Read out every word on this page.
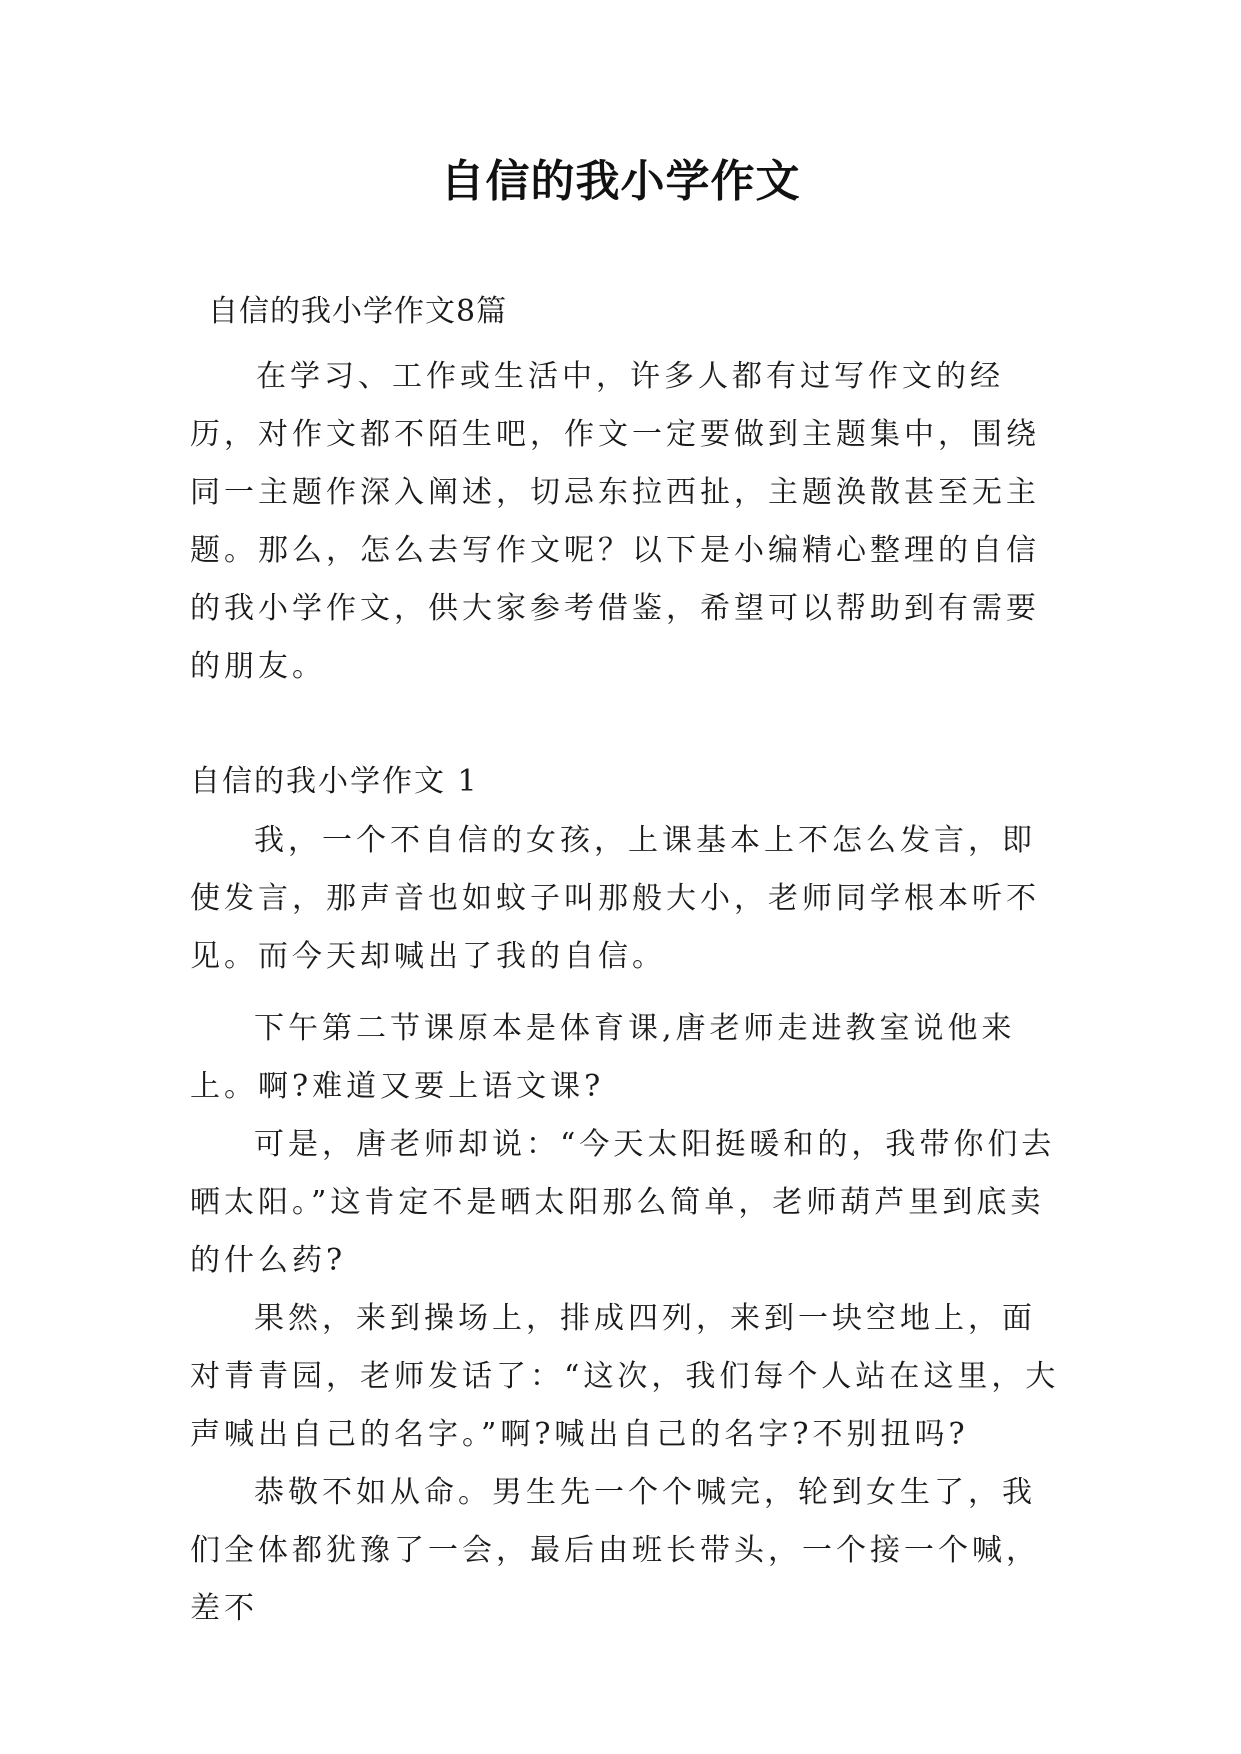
自信的我小学作文
自信的我小学作文8篇

在学习、工作或生活中，许多人都有过写作文的经历，对作文都不陌生吧，作文一定要做到主题集中，围绕同一主题作深入阐述，切忌东拉西扯，主题涣散甚至无主题。那么，怎么去写作文呢？以下是小编精心整理的自信的我小学作文，供大家参考借鉴，希望可以帮助到有需要的朋友。

自信的我小学作文 1

我，一个不自信的女孩，上课基本上不怎么发言，即使发言，那声音也如蚊子叫那般大小，老师同学根本听不见。而今天却喊出了我的自信。

下午第二节课原本是体育课,唐老师走进教室说他来上。啊?难道又要上语文课?

可是，唐老师却说：“今天太阳挺暖和的，我带你们去晒太阳。”这肯定不是晒太阳那么简单，老师葫芦里到底卖的什么药?

果然，来到操场上，排成四列，来到一块空地上，面对青青园，老师发话了：“这次，我们每个人站在这里，大声喊出自己的名字。”啊?喊出自己的名字?不别扭吗?

恭敬不如从命。男生先一个个喊完，轮到女生了，我们全体都犹豫了一会，最后由班长带头，一个接一个喊，差不
